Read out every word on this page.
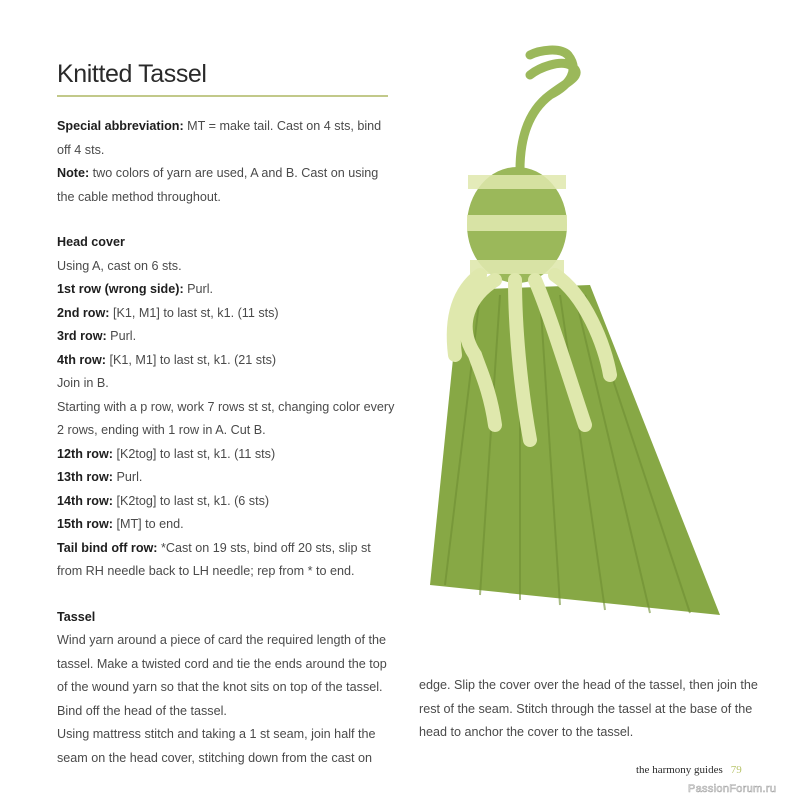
Knitted Tassel

Special abbreviation: MT = make tail. Cast on 4 sts, bind off 4 sts.

Note: two colors of yarn are used, A and B. Cast on using the cable method throughout.

Head cover

Using A, cast on 6 sts.

1st row (wrong side): Purl.

2nd row: [K1, M1] to last st, k1. (11 sts)

3rd row: Purl.

4th row: [K1, M1] to last st, k1. (21 sts)

Join in B.

Starting with a p row, work 7 rows st st, changing color every 2 rows, ending with 1 row in A. Cut B.

12th row: [K2tog] to last st, k1. (11 sts)

13th row: Purl.

14th row: [K2tog] to last st, k1. (6 sts)

15th row: [MT] to end.

Tail bind off row: *Cast on 19 sts, bind off 20 sts, slip st from RH needle back to LH needle; rep from * to end.

Tassel

Wind yarn around a piece of card the required length of the tassel. Make a twisted cord and tie the ends around the top of the wound yarn so that the knot sits on top of the tassel. Bind off the head of the tassel.

Using mattress stitch and taking a 1 st seam, join half the seam on the head cover, stitching down from the cast on

edge. Slip the cover over the head of the tassel, then join the rest of the seam. Stitch through the tassel at the base of the head to anchor the cover to the tassel.

the harmony guides 79
PassionForum.ru
